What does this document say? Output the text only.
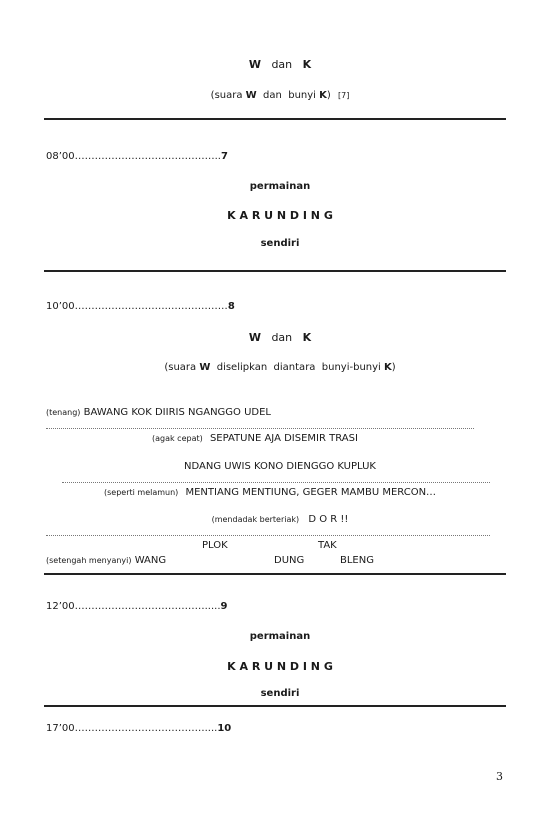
W dan K
(suara W  dan  bunyi K) [7]
08’00……………………………………..7
permainan
K A R U N D I N G
sendiri
10’00……………………….………………8
W dan K
(suara W  diselipkan  diantara  bunyi-bunyi K)
(tenang) BAWANG KOK DIIRIS NGANGGO UDEL
(agak cepat) SEPATUNE AJA DISEMIR TRASI
NDANG UWIS KONO DIENGGO KUPLUK
(seperti melamun) MENTIANG MENTIUNG, GEGER MAMBU MERCON…
(mendadak berteriak) D O R !!
PLOK	TAK
(setengah menyanyi) WANG	DUNG	BLENG
12’00………………………………….....9
permainan
K A R U N D I N G
sendiri
17’00…………………………………....10
3
